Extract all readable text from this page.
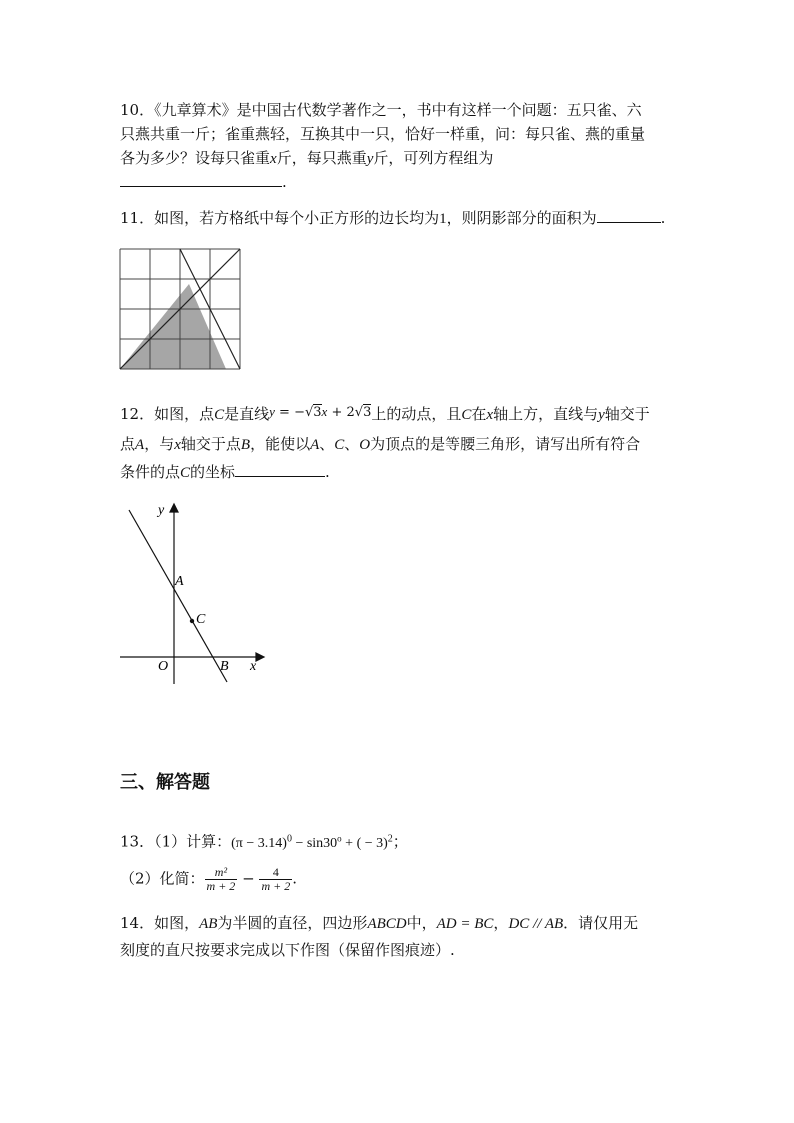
10．《九章算术》是中国古代数学著作之一，书中有这样一个问题：五只雀、六
只燕共重一斤；雀重燕轻，互换其中一只，恰好一样重，问：每只雀、燕的重量
各为多少？设每只雀重x斤，每只燕重y斤，可列方程组为
.
11．如图，若方格纸中每个小正方形的边长均为1，则阴影部分的面积为	.
12．如图，点C是直线y = −√3x + 2√3上的动点，且C在x轴上方，直线与y轴交于
点A，与x轴交于点B，能使以A、C、O为顶点的是等腰三角形，请写出所有符合
条件的点C的坐标	.
y
A
C
O	B x
三、解答题
13．（1）计算：$(\pi - 3.14)^0 - \sin 30^o$ + ( − 3)$^2$；
（2）化简： $\frac{\text{m²}}{m + 2} - \frac{4}{m + 2}$ .
14．如图，AB为半圆的直径，四边形ABCD中，AD = BC，DC // AB．请仅用无
刻度的直尺按要求完成以下作图（保留作图痕迹）.
